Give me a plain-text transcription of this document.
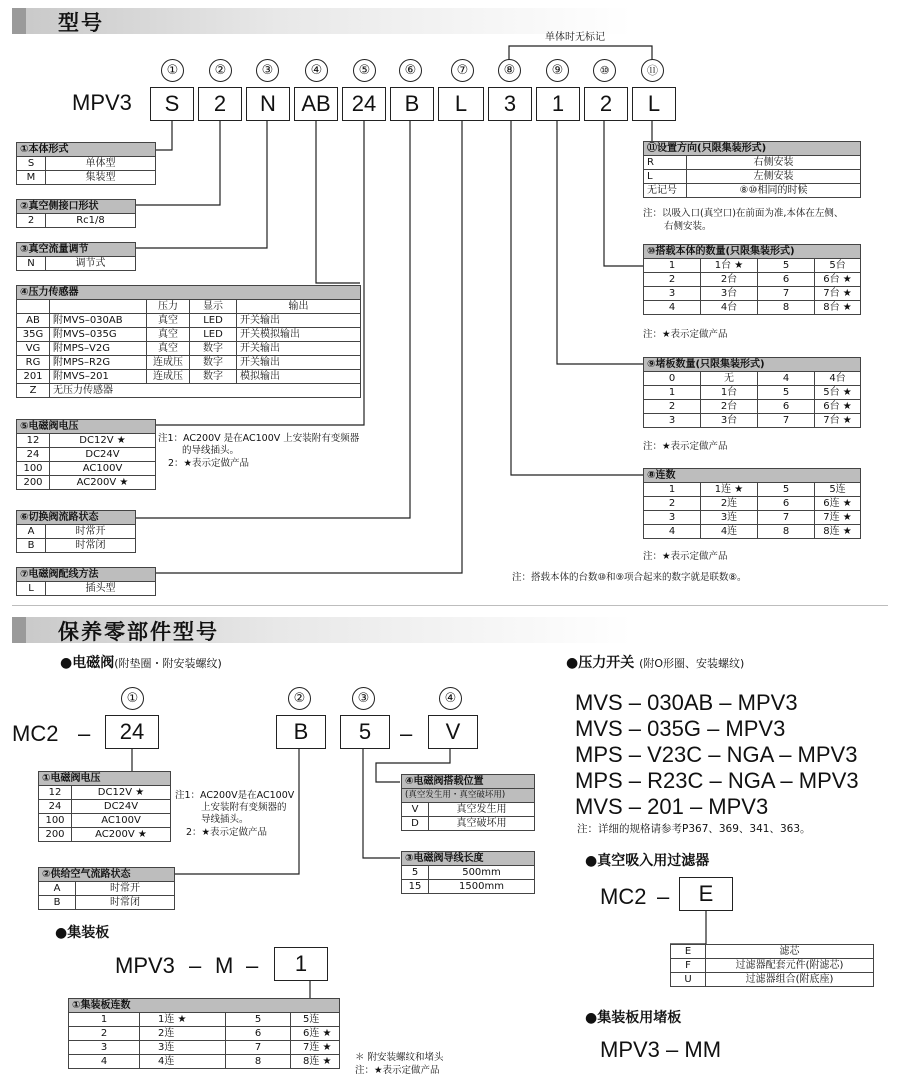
型号
单体时无标记
①	②	③	④	⑤	⑥	⑦	⑧	⑨	⑩	⑪
MPV3	S	2	N	AB 24	B	L	3	1	2	L
①本体形式	
S	单体型
M	集装型
②真空侧接口形状
2	Rc1/8
③真空流量调节
N	调节式
④压力传感器				
		压力	显示	输出
AB	附MVS–030AB	真空	LED	开关输出
35G	附MVS–035G	真空	LED	开关模拟输出
VG	附MPS–V2G	真空	数字	开关输出
RG	附MPS–R2G	连成压	数字	开关输出
201	附MVS–201	连成压	数字	模拟输出
Z	无压力传感器			
⑤电磁阀电压	
12	DC12V ★
24	DC24V
100	AC100V
200	AC200V ★
注1：AC200V 是在AC100V 上安装附有变频器
的导线插头。
2：★表示定做产品
⑥切换阀流路状态	
A	时常开
B	时常闭
⑦电磁阀配线方法
L	插头型
⑪设置方向(只限集装形式)	
R	右侧安装
L	左侧安装
无记号	⑧⑩相同的时候
注：以吸入口(真空口)在前面为准,本体在左侧、
右侧安装。
⑩搭载本体的数量(只限集装形式)			
1	1台 ★	5	5台
2	2台	6	6台 ★
3	3台	7	7台 ★
4	4台	8	8台 ★
注：★表示定做产品
⑨堵板数量(只限集装形式)			
0	无	4	4台
1	1台	5	5台 ★
2	2台	6	6台 ★
3	3台	7	7台 ★
注：★表示定做产品
⑧连数			
1	1连 ★	5	5连
2	2连	6	6连 ★
3	3连	7	7连 ★
4	4连	8	8连 ★
注：★表示定做产品
注：搭载本体的台数⑩和⑨项合起来的数字就是联数⑧。
保养零部件型号
●电磁阀(附垫圈・附安装螺纹)
①	②	③	④
MC2 –	24	B	5	–	V
①电磁阀电压	
12	DC12V ★
24	DC24V
100	AC100V
200	AC200V ★
注1：AC200V是在AC100V
上安装附有变频器的
导线插头。
2：★表示定做产品
②供给空气流路状态	
A	时常开
B	时常闭
③电磁阀导线长度	
5	500mm
15	1500mm
④电磁阀搭载位置	
(真空发生用・真空破坏用)	
V	真空发生用
D	真空破坏用
●集装板
MPV3 – M –	1
①集装板连数			
1	1连 ★	5	5连
2	2连	6	6连 ★
3	3连	7	7连 ★
4	4连	8	8连 ★ ＊ 附安装螺纹和堵头
注：★表示定做产品
●压力开关 (附O形圈、安装螺纹)
MVS – 030AB – MPV3
MVS – 035G – MPV3
MPS – V23C – NGA – MPV3
MPS – R23C – NGA – MPV3
MVS – 201 – MPV3
注：详细的规格请参考P367、369、341、363。
●真空吸入用过滤器
MC2 –	E
E	滤芯
F	过滤器配套元件(附滤芯)
U	过滤器组合(附底座)
●集装板用堵板
MPV3 – MM
